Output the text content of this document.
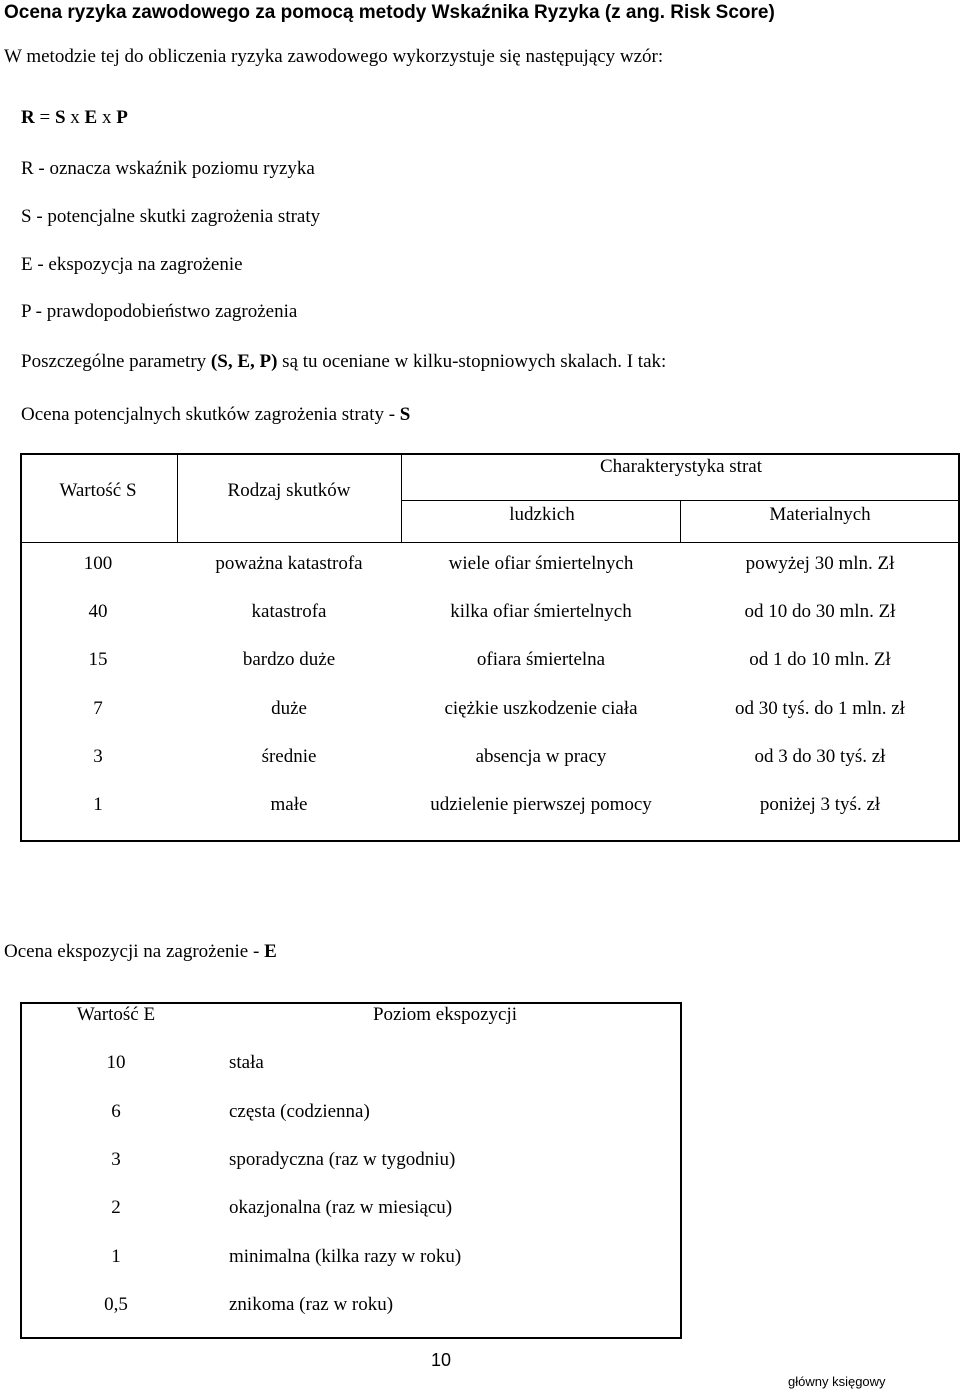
Ocena ryzyka zawodowego za pomocą metody Wskaźnika Ryzyka (z ang. Risk Score)
W metodzie tej do obliczenia ryzyka zawodowego wykorzystuje się następujący wzór:
R = S x E x P
R - oznacza wskaźnik poziomu ryzyka
S - potencjalne skutki zagrożenia straty
E - ekspozycja na zagrożenie
P - prawdopodobieństwo zagrożenia
Poszczególne parametry (S, E, P) są tu oceniane w kilku-stopniowych skalach. I tak:
Ocena potencjalnych skutków zagrożenia straty - S
Wartość S	Rodzaj skutków
Charakterystyka strat
ludzkich	Materialnych
100	poważna katastrofa	wiele ofiar śmiertelnych	powyżej 30 mln. Zł
40	katastrofa	kilka ofiar śmiertelnych	od 10 do 30 mln. Zł
15	bardzo duże	ofiara śmiertelna	od 1 do 10 mln. Zł
7	duże	ciężkie uszkodzenie ciała	od 30 tyś. do 1 mln. zł
3	średnie	absencja w pracy	od 3 do 30 tyś. zł
1	małe	udzielenie pierwszej pomocy	poniżej 3 tyś. zł
Ocena ekspozycji na zagrożenie - E
Wartość E	Poziom ekspozycji
10	stała
6	częsta (codzienna)
3	sporadyczna (raz w tygodniu)
2	okazjonalna (raz w miesiącu)
1	minimalna (kilka razy w roku)
0,5	znikoma (raz w roku)
10
główny księgowy
